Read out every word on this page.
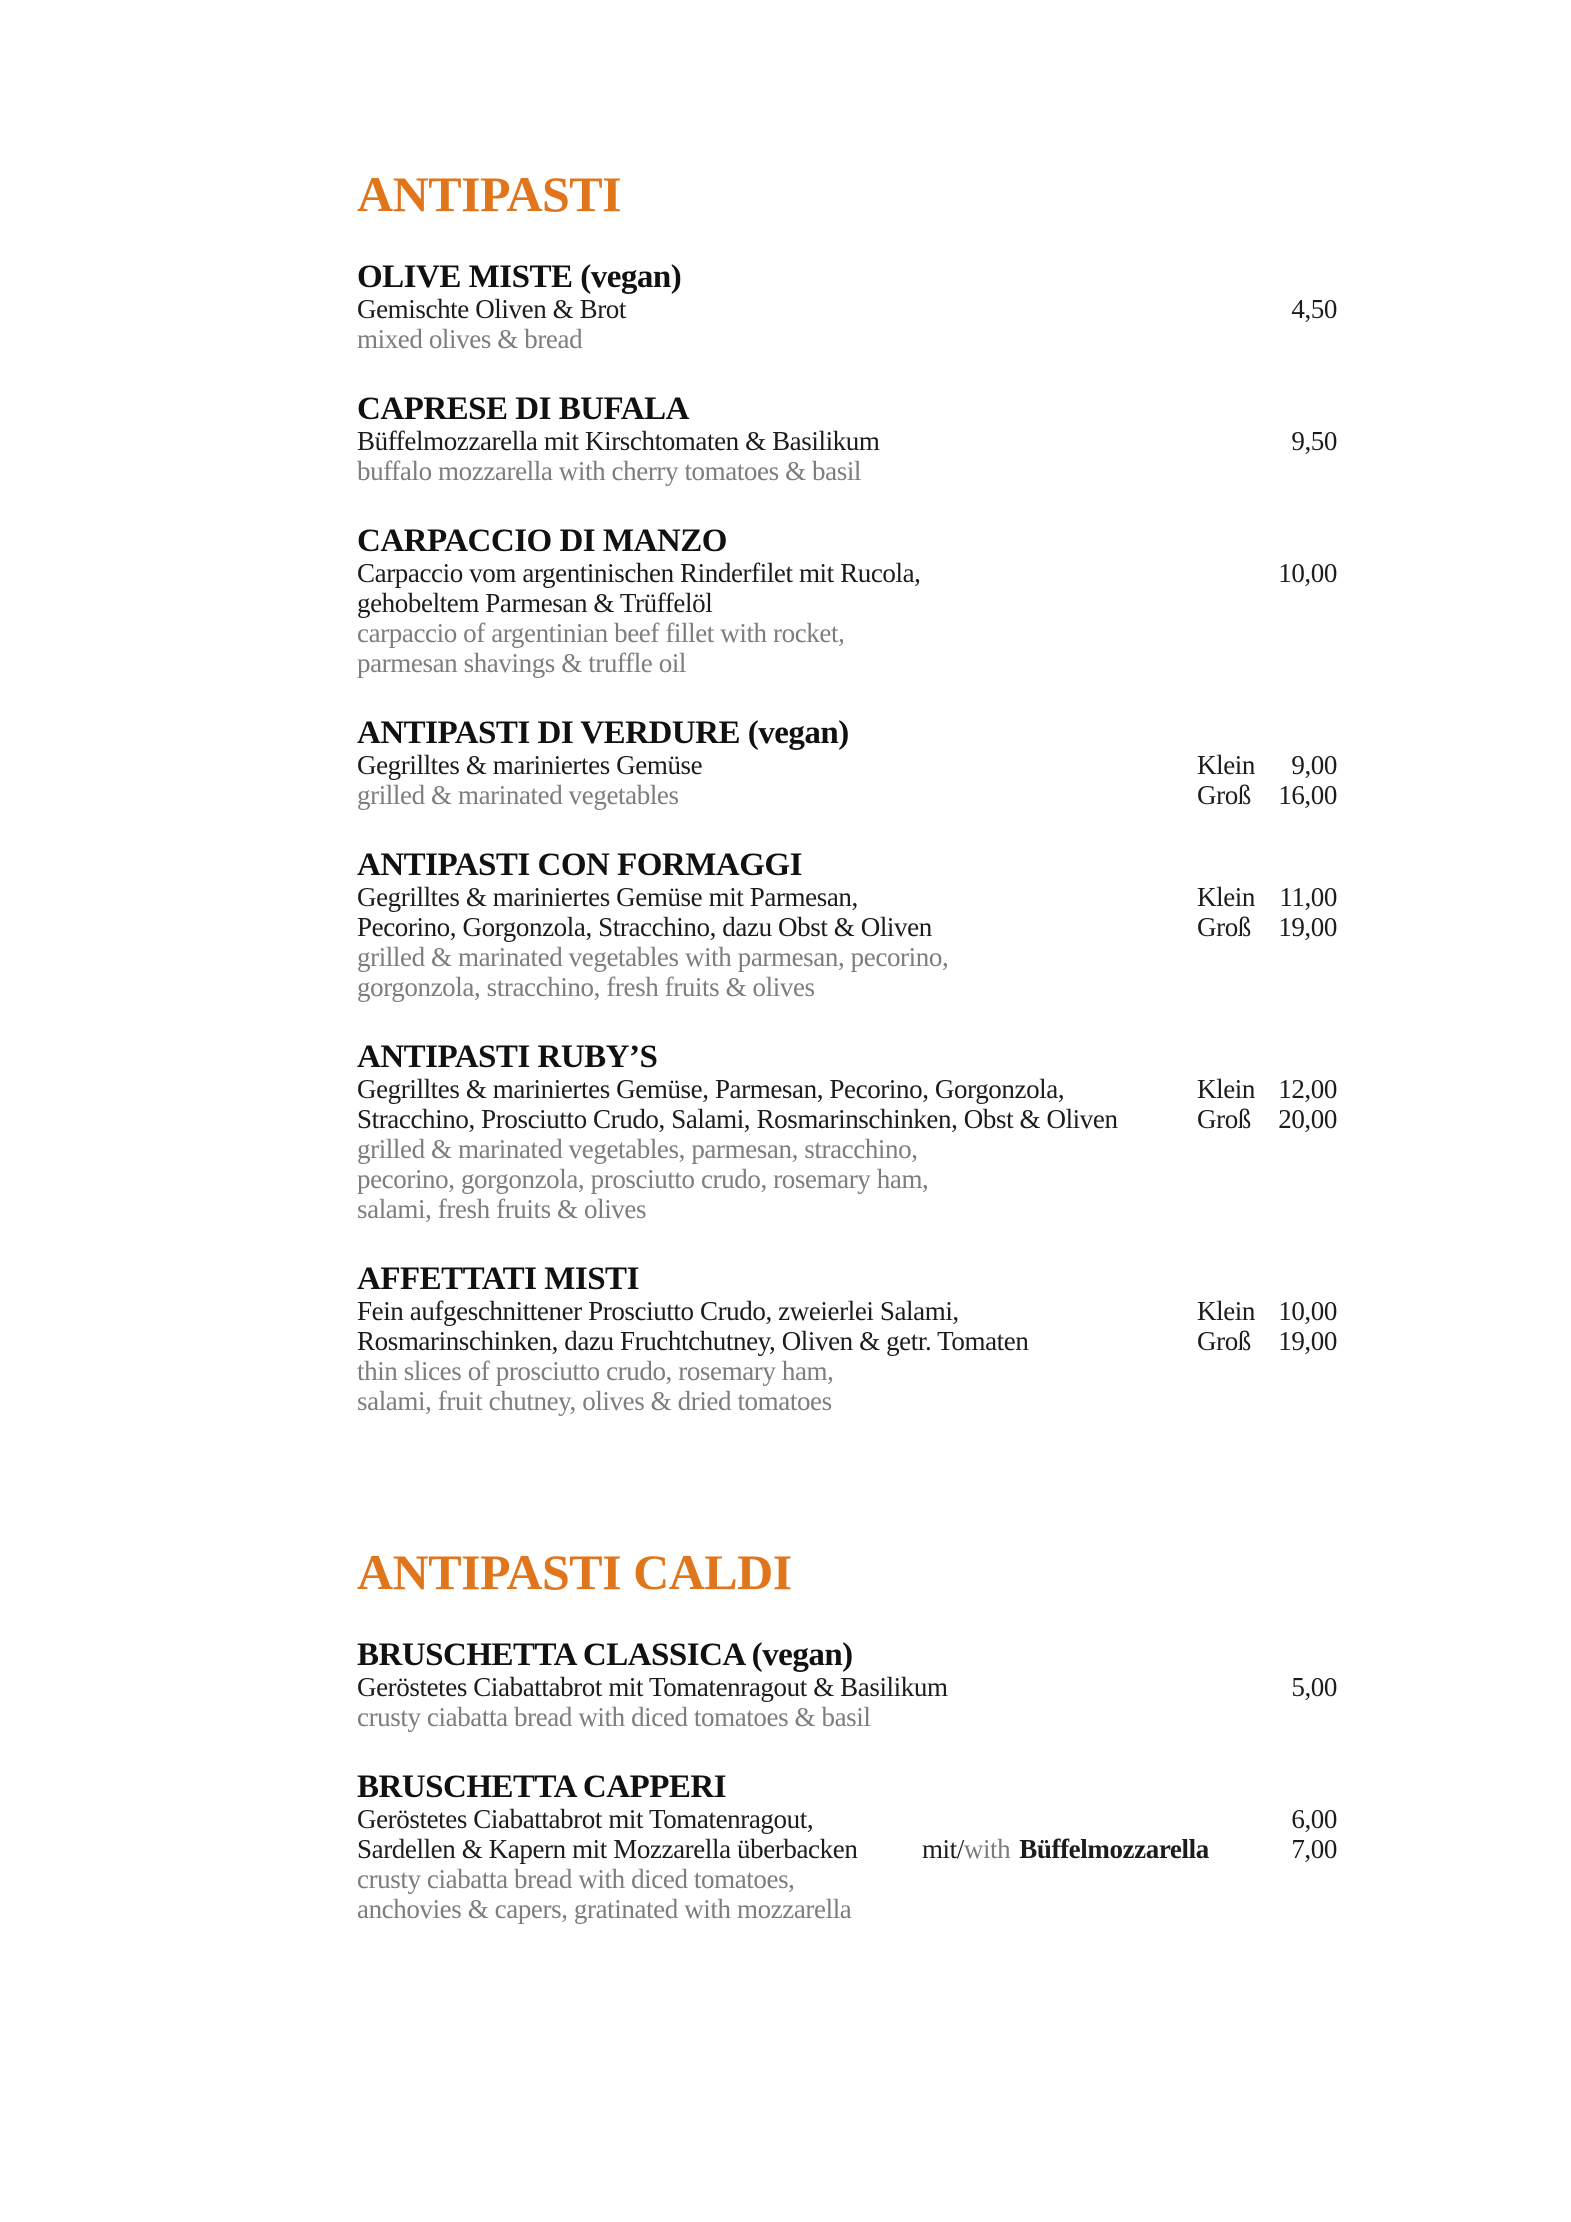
ANTIPASTI
OLIVE MISTE (vegan)
Gemischte Oliven & Brot	4,50
mixed olives & bread
CAPRESE DI BUFALA
Büffelmozzarella mit Kirschtomaten & Basilikum	9,50
buffalo mozzarella with cherry tomatoes & basil
CARPACCIO DI MANZO
Carpaccio vom argentinischen Rinderfilet mit Rucola,	10,00
gehobeltem Parmesan & Trüffelöl
carpaccio of argentinian beef fillet with rocket,
parmesan shavings & truffle oil
ANTIPASTI DI VERDURE (vegan)
Gegrilltes & mariniertes Gemüse	Klein 9,00
grilled & marinated vegetables	Groß 16,00
ANTIPASTI CON FORMAGGI
Gegrilltes & mariniertes Gemüse mit Parmesan,	Klein 11,00
Pecorino, Gorgonzola, Stracchino, dazu Obst & Oliven	Groß 19,00
grilled & marinated vegetables with parmesan, pecorino,
gorgonzola, stracchino, fresh fruits & olives
ANTIPASTI RUBY’S
Gegrilltes & mariniertes Gemüse, Parmesan, Pecorino, Gorgonzola,	Klein 12,00
Stracchino, Prosciutto Crudo, Salami, Rosmarinschinken, Obst & Oliven	Groß 20,00
grilled & marinated vegetables, parmesan, stracchino,
pecorino, gorgonzola, prosciutto crudo, rosemary ham,
salami, fresh fruits & olives
AFFETTATI MISTI
Fein aufgeschnittener Prosciutto Crudo, zweierlei Salami,	Klein 10,00
Rosmarinschinken, dazu Fruchtchutney, Oliven & getr. Tomaten	Groß 19,00
thin slices of prosciutto crudo, rosemary ham,
salami, fruit chutney, olives & dried tomatoes
ANTIPASTI CALDI
BRUSCHETTA CLASSICA (vegan)
Geröstetes Ciabattabrot mit Tomatenragout & Basilikum	5,00
crusty ciabatta bread with diced tomatoes & basil
BRUSCHETTA CAPPERI
Geröstetes Ciabattabrot mit Tomatenragout,	6,00
Sardellen & Kapern mit Mozzarella überbacken mit/with Büffelmozzarella	7,00
crusty ciabatta bread with diced tomatoes,
anchovies & capers, gratinated with mozzarella
